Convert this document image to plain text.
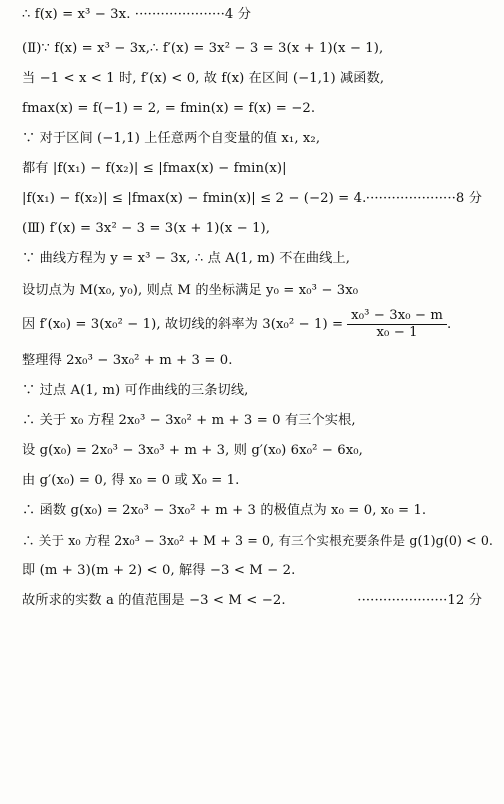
∴ f(x) = x³ − 3x. ·····················4 分
(Ⅱ)∵ f(x) = x³ − 3x,∴ f′(x) = 3x² − 3 = 3(x + 1)(x − 1),
当 −1 < x < 1 时, f′(x) < 0, 故 f(x) 在区间 (−1,1) 减函数,
fmax(x) = f(−1) = 2, = fmin(x) = f(x) = −2.
∵ 对于区间 (−1,1) 上任意两个自变量的值 x₁, x₂,
都有 |f(x₁) − f(x₂)| ≤ |fmax(x) − fmin(x)|
|f(x₁) − f(x₂)| ≤ |fmax(x) − fmin(x)| ≤ 2 − (−2) = 4. ·····················8 分
(Ⅲ) f′(x) = 3x² − 3 = 3(x + 1)(x − 1),
∵ 曲线方程为 y = x³ − 3x, ∴ 点 A(1, m) 不在曲线上,
设切点为 M(x₀, y₀), 则点 M 的坐标满足 y₀ = x₀³ − 3x₀
因 f′(x₀) = 3(x₀² − 1), 故切线的斜率为 $3(x_0^2 - 1) = \frac{\text{x₀³ − 3x₀ − m}}{\text{x₀ − 1}}$ .
整理得 2x₀³ − 3x₀² + m + 3 = 0.
∵ 过点 A(1, m) 可作曲线的三条切线,
∴ 关于 x₀ 方程 2x₀³ − 3x₀² + m + 3 = 0 有三个实根,
设 g(x₀) = 2x₀³ − 3x₀³ + m + 3, 则 g′(x₀) 6x₀² − 6x₀,
由 g′(x₀) = 0, 得 x₀ = 0 或 X₀ = 1.
∴ 函数 g(x₀) = 2x₀³ − 3x₀² + m + 3 的极值点为 x₀ = 0, x₀ = 1.
∴ 关于 x₀ 方程 2x₀³ − 3x₀² + M + 3 = 0, 有三个实根充要条件是 g(1)g(0) < 0.
即 (m + 3)(m + 2) < 0, 解得 −3 < M − 2.
故所求的实数 a 的值范围是 −3 < M < −2.	·····················12 分
